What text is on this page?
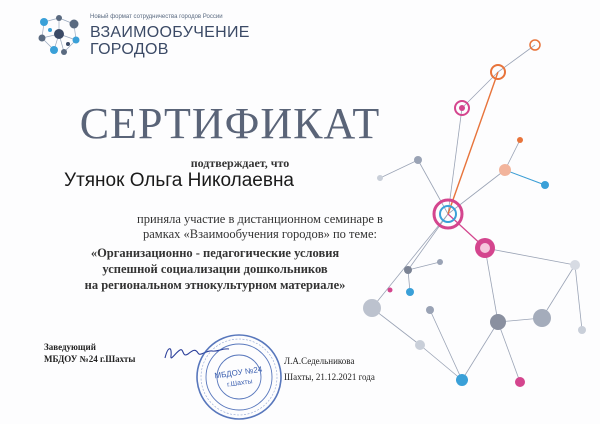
Новый формат сотрудничества городов России
ВЗАИМООБУЧЕНИЕ
ГОРОДОВ
СЕРТИФИКАТ
подтверждает, что
Утянок Ольга Николаевна
приняла участие в дистанционном семинаре в
рамках «Взаимообучения городов» по теме:
«Организационно - педагогические условия
успешной социализации дошкольников
на региональном этнокультурном материале»
Заведующий
МБДОУ №24 г.Шахты
МБДОУ №24
г.Шахты
Л.А.Седельникова
Шахты, 21.12.2021 года
